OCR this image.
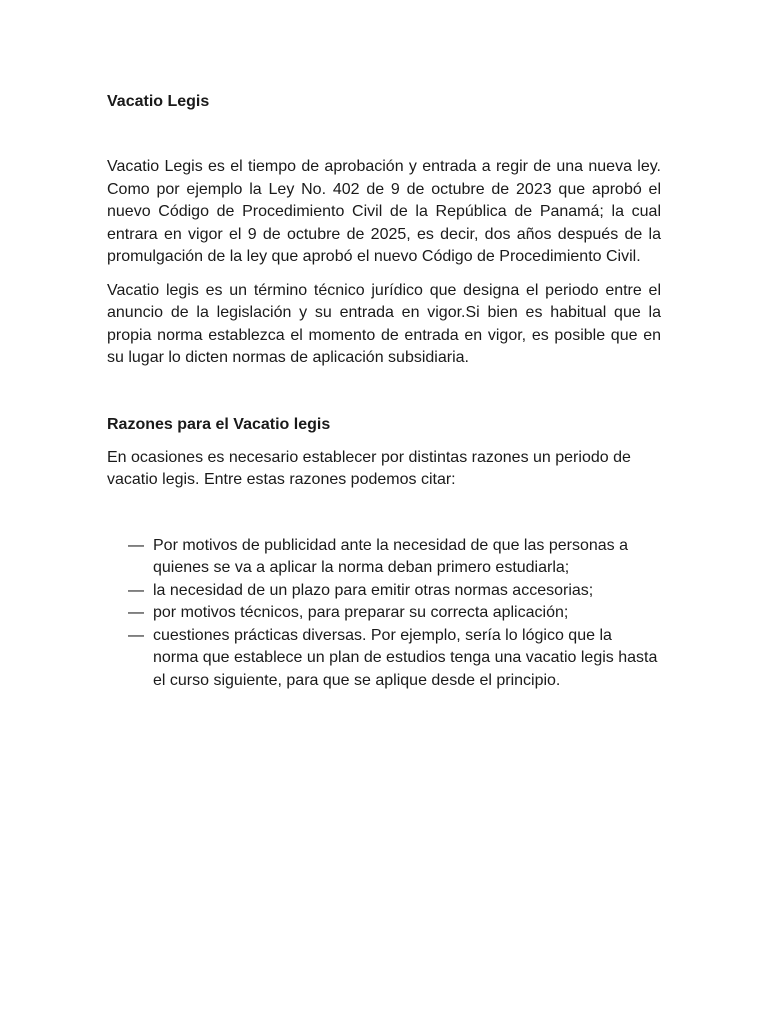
Vacatio Legis

Vacatio Legis es el tiempo de aprobación y entrada a regir de una nueva ley. Como por ejemplo la Ley No. 402 de 9 de octubre de 2023 que aprobó el nuevo Código de Procedimiento Civil de la República de Panamá; la cual entrara en vigor el 9 de octubre de 2025, es decir, dos años después de la promulgación de la ley que aprobó el nuevo Código de Procedimiento Civil.

Vacatio legis es un término técnico jurídico que designa el periodo entre el anuncio de la legislación y su entrada en vigor.Si bien es habitual que la propia norma establezca el momento de entrada en vigor, es posible que en su lugar lo dicten normas de aplicación subsidiaria.

Razones para el Vacatio legis

En ocasiones es necesario establecer por distintas razones un periodo de vacatio legis. Entre estas razones podemos citar:

— Por motivos de publicidad ante la necesidad de que las personas a quienes se va a aplicar la norma deban primero estudiarla;
— la necesidad de un plazo para emitir otras normas accesorias;
— por motivos técnicos, para preparar su correcta aplicación;
— cuestiones prácticas diversas. Por ejemplo, sería lo lógico que la norma que establece un plan de estudios tenga una vacatio legis hasta el curso siguiente, para que se aplique desde el principio.
